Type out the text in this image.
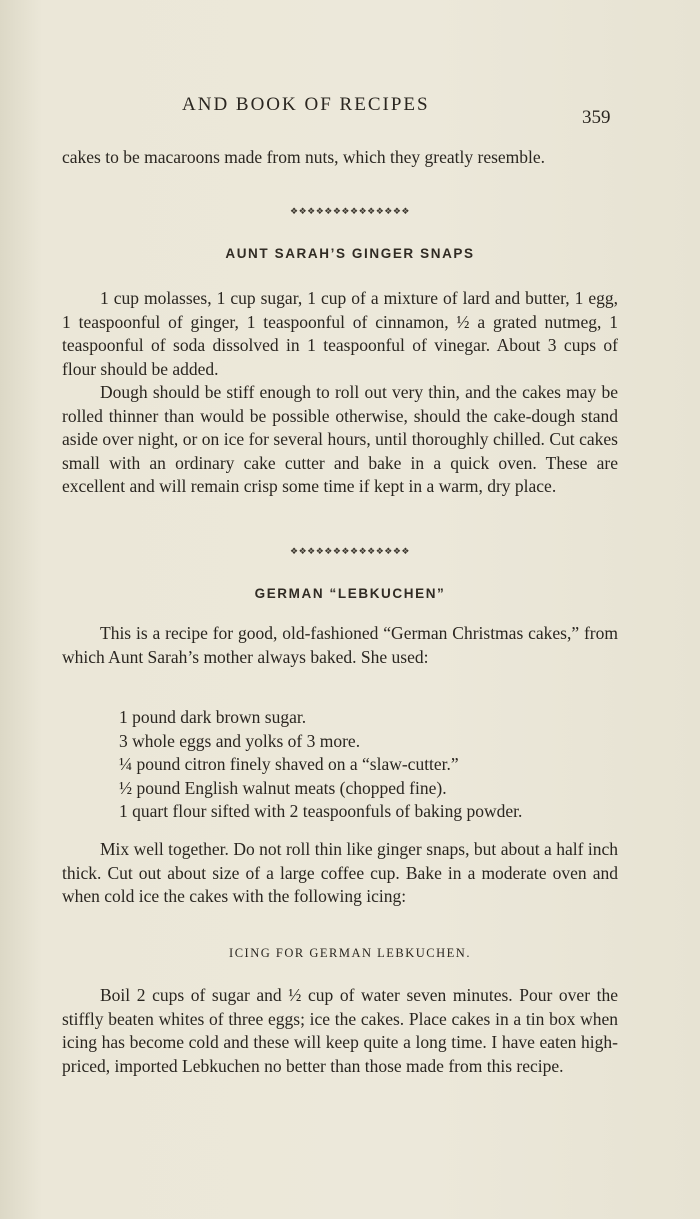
AND BOOK OF RECIPES
359

cakes to be macaroons made from nuts, which they greatly resemble.

❖❖❖❖❖❖❖❖❖❖❖❖❖❖
AUNT SARAH’S GINGER SNAPS

1 cup molasses, 1 cup sugar, 1 cup of a mixture of lard and butter, 1 egg, 1 teaspoonful of ginger, 1 teaspoonful of cinnamon, ½ a grated nutmeg, 1 teaspoonful of soda dissolved in 1 teaspoonful of vinegar. About 3 cups of flour should be added.

Dough should be stiff enough to roll out very thin, and the cakes may be rolled thinner than would be possible otherwise, should the cake-dough stand aside over night, or on ice for several hours, until thoroughly chilled. Cut cakes small with an ordinary cake cutter and bake in a quick oven. These are excellent and will remain crisp some time if kept in a warm, dry place.

❖❖❖❖❖❖❖❖❖❖❖❖❖❖
GERMAN “LEBKUCHEN”

This is a recipe for good, old-fashioned “German Christmas cakes,” from which Aunt Sarah’s mother always baked. She used:

1 pound dark brown sugar.
3 whole eggs and yolks of 3 more.
¼ pound citron finely shaved on a “slaw-cutter.”
½ pound English walnut meats (chopped fine).
1 quart flour sifted with 2 teaspoonfuls of baking powder.

Mix well together. Do not roll thin like ginger snaps, but about a half inch thick. Cut out about size of a large coffee cup. Bake in a moderate oven and when cold ice the cakes with the following icing:

ICING FOR GERMAN LEBKUCHEN.

Boil 2 cups of sugar and ½ cup of water seven minutes. Pour over the stiffly beaten whites of three eggs; ice the cakes. Place cakes in a tin box when icing has become cold and these will keep quite a long time. I have eaten high-priced, imported Lebkuchen no better than those made from this recipe.
